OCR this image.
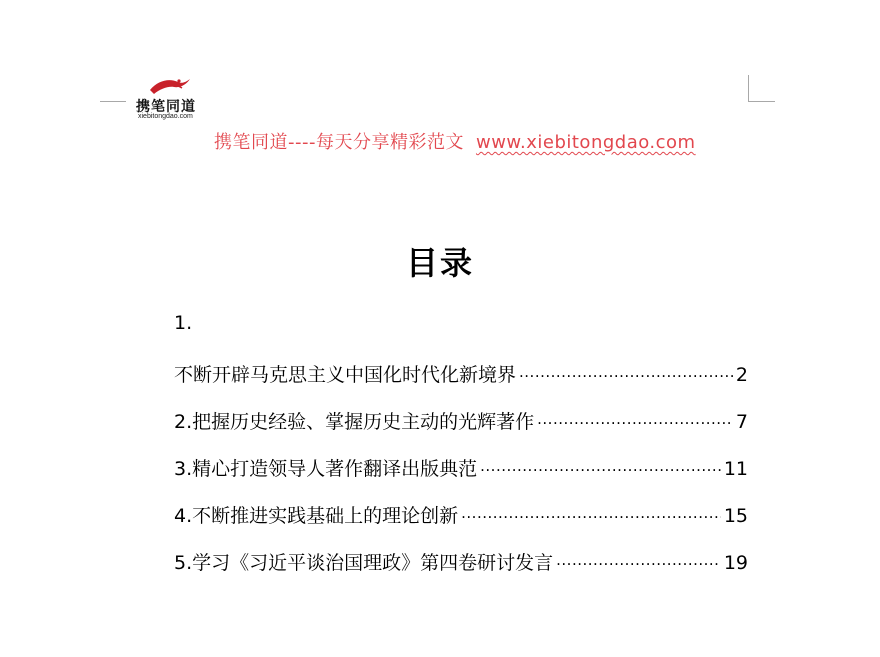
携笔同道
xiebitongdao.com
携笔同道----每天分享精彩范文 www.xiebitongdao.com
目录
1.
不断开辟马克思主义中国化时代化新境界 .....	2
2.把握历史经验、掌握历史主动的光辉著作 .....	7
3.精心打造领导人著作翻译出版典范 .....	11
4.不断推进实践基础上的理论创新 .....	15
5.学习《习近平谈治国理政》第四卷研讨发言 .....	19
